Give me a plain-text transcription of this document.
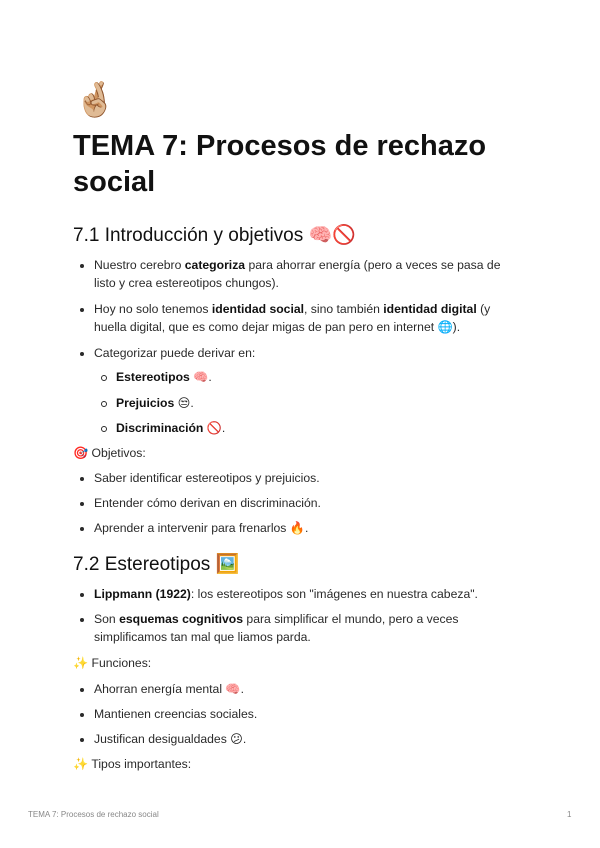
🤞🏼
TEMA 7: Procesos de rechazo social
7.1 Introducción y objetivos 🧠🚫
Nuestro cerebro categoriza para ahorrar energía (pero a veces se pasa de
listo y crea estereotipos chungos).
Hoy no solo tenemos identidad social, sino también identidad digital (y
huella digital, que es como dejar migas de pan pero en internet 🌐).
Categorizar puede derivar en:
Estereotipos 🧠.
Prejuicios 😒.
Discriminación 🚫.
🎯 Objetivos:
Saber identificar estereotipos y prejuicios.
Entender cómo derivan en discriminación.
Aprender a intervenir para frenarlos 🔥.
7.2 Estereotipos 🖼️
Lippmann (1922): los estereotipos son "imágenes en nuestra cabeza".
Son esquemas cognitivos para simplificar el mundo, pero a veces
simplificamos tan mal que liamos parda.
✨ Funciones:
Ahorran energía mental 🧠.
Mantienen creencias sociales.
Justifican desigualdades 😕.
✨ Tipos importantes:
TEMA 7: Procesos de rechazo social	1
